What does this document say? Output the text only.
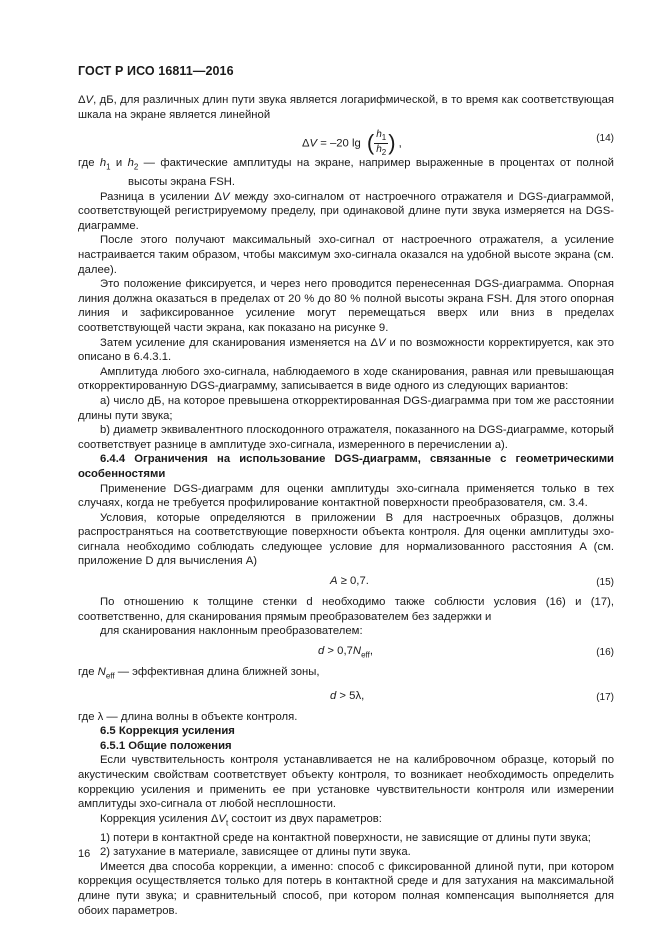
ГОСТ Р ИСО 16811—2016

ΔV, дБ, для различных длин пути звука является логарифмической, в то время как соответствующая шкала на экране является линейной

ΔV = –20 lg ( $\frac{h_1}{h_2}$ ) ,	(14)

где $h_1$ и $h_2$ — фактические амплитуды на экране, например выраженные в процентах от полной высоты экрана FSH.

Разница в усилении ΔV между эхо-сигналом от настроечного отражателя и DGS-диаграммой, соответствующей регистрируемому пределу, при одинаковой длине пути звука измеряется на DGS-диаграмме.

После этого получают максимальный эхо-сигнал от настроечного отражателя, а усиление настраивается таким образом, чтобы максимум эхо-сигнала оказался на удобной высоте экрана (см. далее).

Это положение фиксируется, и через него проводится перенесенная DGS-диаграмма. Опорная линия должна оказаться в пределах от 20 % до 80 % полной высоты экрана FSH. Для этого опорная линия и зафиксированное усиление могут перемещаться вверх или вниз в пределах соответствующей части экрана, как показано на рисунке 9.

Затем усиление для сканирования изменяется на ΔV и по возможности корректируется, как это описано в 6.4.3.1.

Амплитуда любого эхо-сигнала, наблюдаемого в ходе сканирования, равная или превышающая откорректированную DGS-диаграмму, записывается в виде одного из следующих вариантов:

а) число дБ, на которое превышена откорректированная DGS-диаграмма при том же расстоянии длины пути звука;

b) диаметр эквивалентного плоскодонного отражателя, показанного на DGS-диаграмме, который соответствует разнице в амплитуде эхо-сигнала, измеренного в перечислении а).

6.4.4 Ограничения на использование DGS-диаграмм, связанные с геометрическими особенностями

Применение DGS-диаграмм для оценки амплитуды эхо-сигнала применяется только в тех случаях, когда не требуется профилирование контактной поверхности преобразователя, см. 3.4.

Условия, которые определяются в приложении B для настроечных образцов, должны распространяться на соответствующие поверхности объекта контроля. Для оценки амплитуды эхо-сигнала необходимо соблюдать следующее условие для нормализованного расстояния A (см. приложение D для вычисления A)

A ≥ 0,7.	(15)

По отношению к толщине стенки d необходимо также соблюсти условия (16) и (17), соответственно, для сканирования прямым преобразователем без задержки и

для сканирования наклонным преобразователем:

$d > 0,7N_{eff}$,	(16)

где $N_{eff}$ — эффективная длина ближней зоны,

d > 5λ,	(17)

где λ — длина волны в объекте контроля.

6.5 Коррекция усиления

6.5.1 Общие положения

Если чувствительность контроля устанавливается не на калибровочном образце, который по акустическим свойствам соответствует объекту контроля, то возникает необходимость определить коррекцию усиления и применить ее при установке чувствительности контроля или измерении амплитуды эхо-сигнала от любой несплошности.

Коррекция усиления $\Delta V_t$ состоит из двух параметров:

1) потери в контактной среде на контактной поверхности, не зависящие от длины пути звука;

2) затухание в материале, зависящее от длины пути звука.

Имеется два способа коррекции, а именно: способ с фиксированной длиной пути, при котором коррекция осуществляется только для потерь в контактной среде и для затухания на максимальной длине пути звука; и сравнительный способ, при котором полная компенсация выполняется для обоих параметров.

16
